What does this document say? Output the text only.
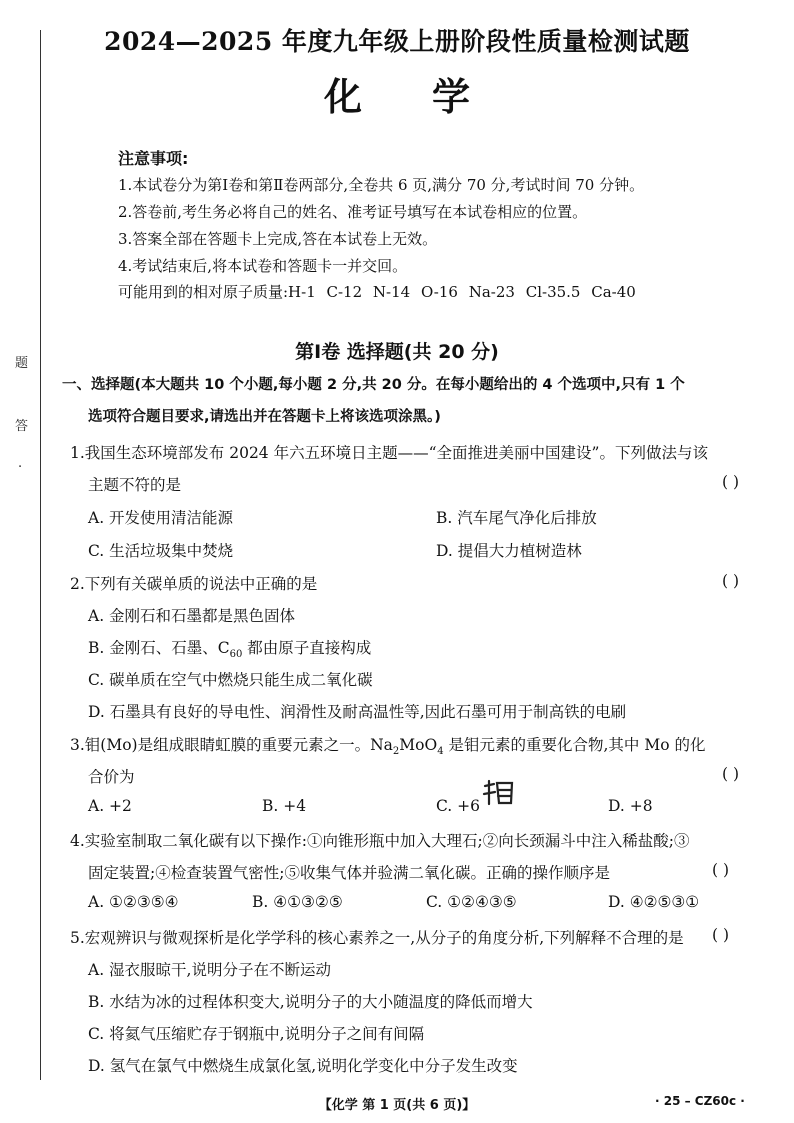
题
答
·
2024—2025 年度九年级上册阶段性质量检测试题
化学
注意事项:
1.本试卷分为第Ⅰ卷和第Ⅱ卷两部分,全卷共 6 页,满分 70 分,考试时间 70 分钟。
2.答卷前,考生务必将自己的姓名、准考证号填写在本试卷相应的位置。
3.答案全部在答题卡上完成,答在本试卷上无效。
4.考试结束后,将本试卷和答题卡一并交回。
可能用到的相对原子质量:H-1 C-12 N-14 O-16 Na-23 Cl-35.5 Ca-40
第Ⅰ卷 选择题(共 20 分)
一、选择题(本大题共 10 个小题,每小题 2 分,共 20 分。在每小题给出的 4 个选项中,只有 1 个
选项符合题目要求,请选出并在答题卡上将该选项涂黑。)
1.我国生态环境部发布 2024 年六五环境日主题——“全面推进美丽中国建设”。下列做法与该
主题不符的是	( )
A. 开发使用清洁能源	B. 汽车尾气净化后排放
C. 生活垃圾集中焚烧	D. 提倡大力植树造林
2.下列有关碳单质的说法中正确的是	( )
A. 金刚石和石墨都是黑色固体
B. 金刚石、石墨、$C_{60}$ 都由原子直接构成
C. 碳单质在空气中燃烧只能生成二氧化碳
D. 石墨具有良好的导电性、润滑性及耐高温性等,因此石墨可用于制高铁的电刷
3.钼(Mo)是组成眼睛虹膜的重要元素之一。$Na_2MoO_4$ 是钼元素的重要化合物,其中 Mo 的化
合价为	( )
A. +2	B. +4	C. +6	D. +8
4.实验室制取二氧化碳有以下操作:①向锥形瓶中加入大理石;②向长颈漏斗中注入稀盐酸;③
固定装置;④检查装置气密性;⑤收集气体并验满二氧化碳。正确的操作顺序是	( )
A. ①②③⑤④	B. ④①③②⑤	C. ①②④③⑤	D. ④②⑤③①
5.宏观辨识与微观探析是化学学科的核心素养之一,从分子的角度分析,下列解释不合理的是 ( )
A. 湿衣服晾干,说明分子在不断运动
B. 水结为冰的过程体积变大,说明分子的大小随温度的降低而增大
C. 将氦气压缩贮存于钢瓶中,说明分子之间有间隔
D. 氢气在氯气中燃烧生成氯化氢,说明化学变化中分子发生改变
【化学 第 1 页(共 6 页)】	· 25 – CZ60c ·
